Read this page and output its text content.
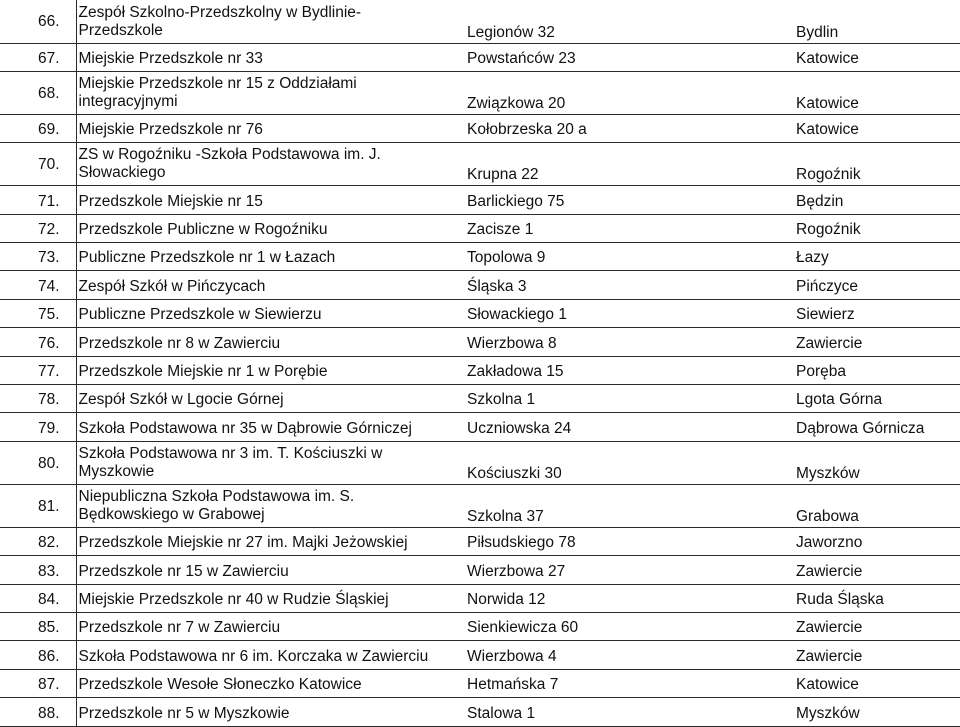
66.	Zespół Szkolno-Przedszkolny w Bydlinie-
Przedszkole	Legionów 32	Bydlin
67.	Miejskie Przedszkole nr 33	Powstańców 23	Katowice
68.	Miejskie Przedszkole nr 15 z Oddziałami
integracyjnymi	Związkowa 20	Katowice
69.	Miejskie Przedszkole nr 76	Kołobrzeska 20 a	Katowice
70.	ZS w Rogoźniku -Szkoła Podstawowa im. J.
Słowackiego	Krupna 22	Rogoźnik
71.	Przedszkole Miejskie nr 15	Barlickiego 75	Będzin
72.	Przedszkole Publiczne w Rogoźniku	Zacisze 1	Rogoźnik
73.	Publiczne Przedszkole nr 1 w Łazach	Topolowa 9	Łazy
74.	Zespół Szkół w Pińczycach	Śląska 3	Pińczyce
75.	Publiczne Przedszkole w Siewierzu	Słowackiego 1	Siewierz
76.	Przedszkole nr 8 w Zawierciu	Wierzbowa 8	Zawiercie
77.	Przedszkole Miejskie nr 1 w Porębie	Zakładowa 15	Poręba
78.	Zespół Szkół w Lgocie Górnej	Szkolna 1	Lgota Górna
79.	Szkoła Podstawowa nr 35 w Dąbrowie Górniczej	Uczniowska 24	Dąbrowa Górnicza
80.	Szkoła Podstawowa nr 3 im. T. Kościuszki w
Myszkowie	Kościuszki 30	Myszków
81.	Niepubliczna Szkoła Podstawowa im. S.
Będkowskiego w Grabowej	Szkolna 37	Grabowa
82.	Przedszkole Miejskie nr 27 im. Majki Jeżowskiej	Piłsudskiego 78	Jaworzno
83.	Przedszkole nr 15 w Zawierciu	Wierzbowa 27	Zawiercie
84.	Miejskie Przedszkole nr 40 w Rudzie Śląskiej	Norwida 12	Ruda Śląska
85.	Przedszkole nr 7 w Zawierciu	Sienkiewicza 60	Zawiercie
86.	Szkoła Podstawowa nr 6 im. Korczaka w Zawierciu	Wierzbowa 4	Zawiercie
87.	Przedszkole Wesołe Słoneczko Katowice	Hetmańska 7	Katowice
88.	Przedszkole nr 5 w Myszkowie	Stalowa 1	Myszków
